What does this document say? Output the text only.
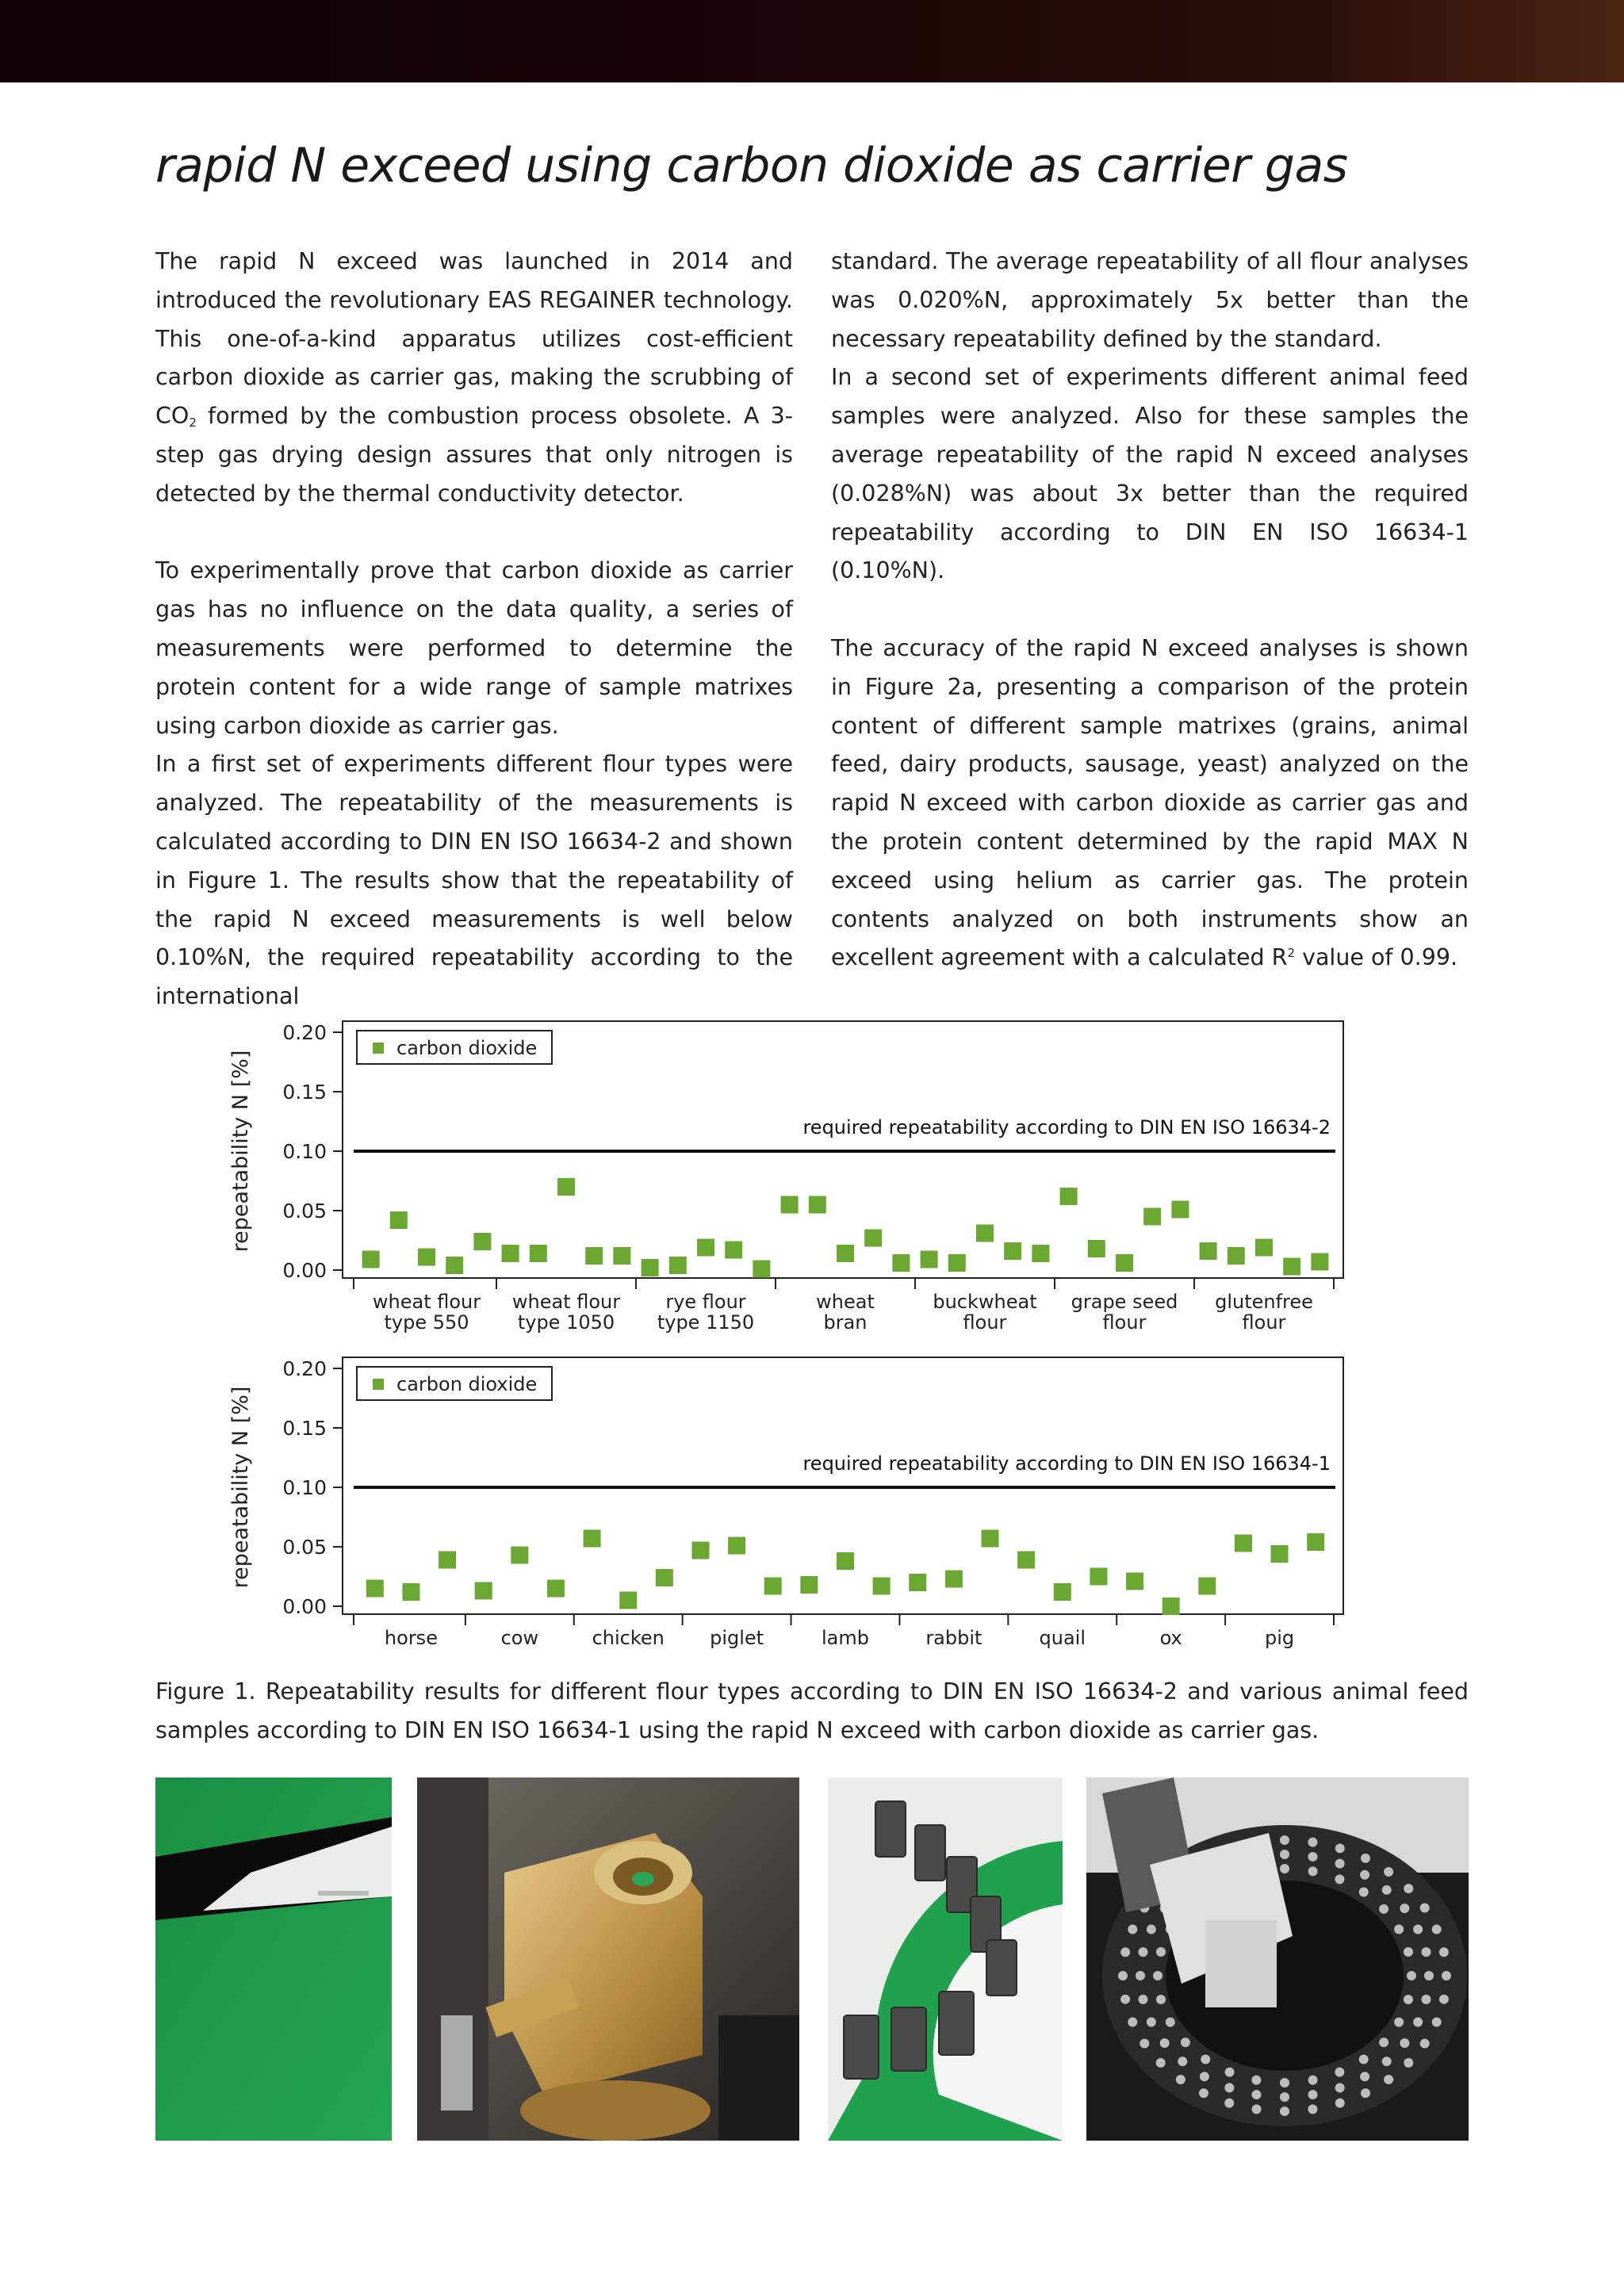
rapid N exceed using carbon dioxide as carrier gas

The rapid N exceed was launched in 2014 and introduced the revolutionary EAS REGAINER technology. This one-of-a-kind apparatus utilizes cost-efficient carbon dioxide as carrier gas, making the scrubbing of $CO_2$ formed by the combustion process obsolete. A 3-step gas drying design assures that only nitrogen is detected by the thermal conductivity detector.

To experimentally prove that carbon dioxide as carrier gas has no influence on the data quality, a series of measurements were performed to determine the protein content for a wide range of sample matrixes using carbon dioxide as carrier gas.

In a first set of experiments different flour types were analyzed. The repeatability of the measurements is calculated according to DIN EN ISO 16634-2 and shown in Figure 1. The results show that the repeatability of the rapid N exceed measurements is well below 0.10%N, the required repeatability according to the international

standard. The average repeatability of all flour analyses was 0.020%N, approximately 5x better than the necessary repeatability defined by the standard.

In a second set of experiments different animal feed samples were analyzed. Also for these samples the average repeatability of the rapid N exceed analyses (0.028%N) was about 3x better than the required repeatability according to DIN EN ISO 16634-1 (0.10%N).

The accuracy of the rapid N exceed analyses is shown in Figure 2a, presenting a comparison of the protein content of different sample matrixes (grains, animal feed, dairy products, sausage, yeast) analyzed on the rapid N exceed with carbon dioxide as carrier gas and the protein content determined by the rapid MAX N exceed using helium as carrier gas. The protein contents analyzed on both instruments show an excellent agreement with a calculated $R^2$ value of 0.99.

0.00
0.05
0.10
0.15
0.20
repeatability N [%]	required repeatability according to DIN EN ISO 16634-2
carbon dioxide
wheat flour
type 550
wheat flour
type 1050
rye flour
type 1150
wheat
bran
buckwheat
flour
grape seed
flour
glutenfree
flour
0.00
0.05
0.10
0.15
0.20
repeatability N [%]	required repeatability according to DIN EN ISO 16634-1
carbon dioxide
horse	cow	chicken piglet	lamb	rabbit	quail	ox	pig

Figure 1. Repeatability results for different flour types according to DIN EN ISO 16634-2 and various animal feed samples according to DIN EN ISO 16634-1 using the rapid N exceed with carbon dioxide as carrier gas.
